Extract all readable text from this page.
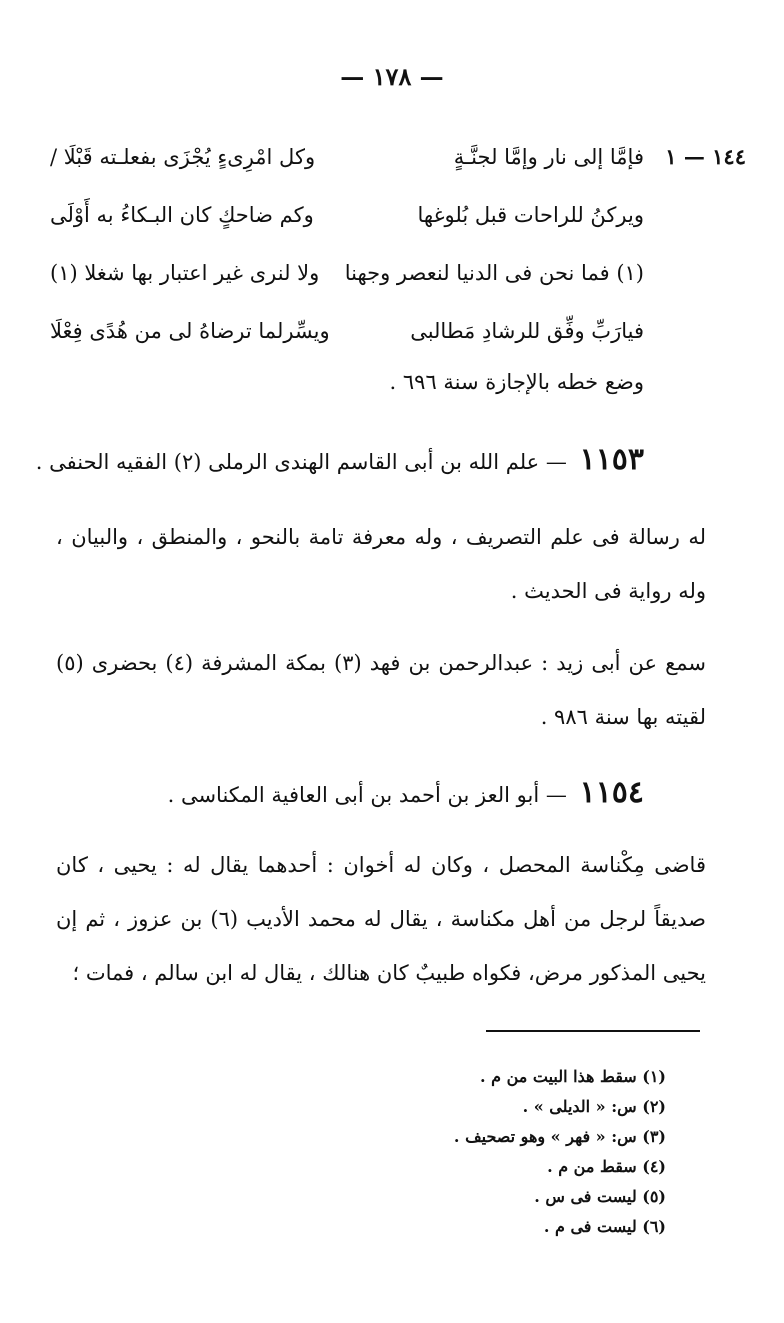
— ١٧٨ —
١٤٤ — ١
فإمَّا إلى نار وإمَّا لجنَّـةٍ
وكل امْرِىءٍ يُجْزَى بفعلـته قَبْلَا /
ويركنُ للراحات قبل بُلوغها
وكم ضاحكٍ كان البـكاءُ به أَوْلَى
(١) فما نحن فى الدنيا لنعصر وجهنا
ولا لنرى غير اعتبار بها شغلا (١)
فيارَبِّ وفِّق للرشادِ مَطالبى
ويسِّرلما ترضاهُ لى من هُدًى فِعْلَا
وضع خطه بالإجازة سنة ٦٩٦ .
١١٥٣ — علم الله بن أبى القاسم الهندى الرملى (٢) الفقيه الحنفى .
له رسالة فى علم التصريف ، وله معرفة تامة بالنحو ، والمنطق ، والبيان ، وله رواية فى الحديث .
سمع عن أبى زيد : عبدالرحمن بن فهد (٣) بمكة المشرفة (٤) بحضرى (٥) لقيته بها سنة ٩٨٦ .
١١٥٤ — أبو العز بن أحمد بن أبى العافية المكناسى .
قاضى مِكْناسة المحصل ، وكان له أخوان : أحدهما يقال له : يحيى ، كان صديقاً لرجل من أهل مكناسة ، يقال له محمد الأديب (٦) بن عزوز ، ثم إن يحيى المذكور مرض، فكواه طبيبٌ كان هنالك ، يقال له ابن سالم ، فمات ؛
(١) سقط هذا البيت من م .
(٢) س: « الديلى » .
(٣) س: « فهر » وهو تصحيف .
(٤) سقط من م .
(٥) ليست فى س .
(٦) ليست فى م .
